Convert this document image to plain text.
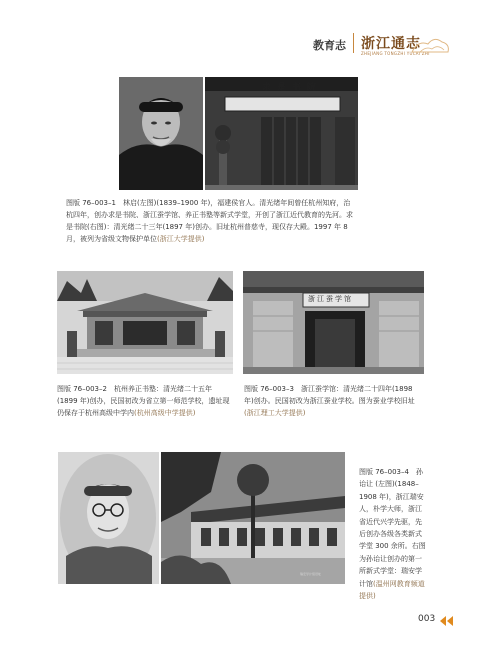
教育志 浙江通志
ZHEJIANG TONGZHI YUCAI ZHI
求是书院
图版 76–003–1　林启(左图)(1839–1900 年)，福建侯官人。清光绪年间曾任杭州知府，治杭四年，创办求是书院、浙江蚕学馆、养正书塾等新式学堂，开创了浙江近代教育的先河。求是书院(右图)：清光绪二十三年(1897 年)创办。旧址杭州普慈寺，现仅存大殿。1997 年 8 月，被列为省级文物保护单位(浙江大学提供)
浙江蚕学馆
图版 76–003–2　杭州养正书塾：清光绪二十五年(1899 年)创办，民国初改为省立第一师范学校，遗址现仍保存于杭州高级中学内(杭州高级中学提供)
图版 76–003–3　浙江蚕学馆：清光绪二十四年(1898 年)创办。民国初改为浙江蚕业学校。图为蚕业学校旧址(浙江理工大学提供)
瑞安学计馆旧址
图版 76–003–4　孙诒让 (左图)(1848–1908 年)，浙江瑞安人，朴学大师，浙江省近代兴学先驱，先后创办各级各类新式学堂 300 余所。右图为孙诒让创办的第一所新式学堂：瑞安学计馆(温州网教育频道提供)
003
